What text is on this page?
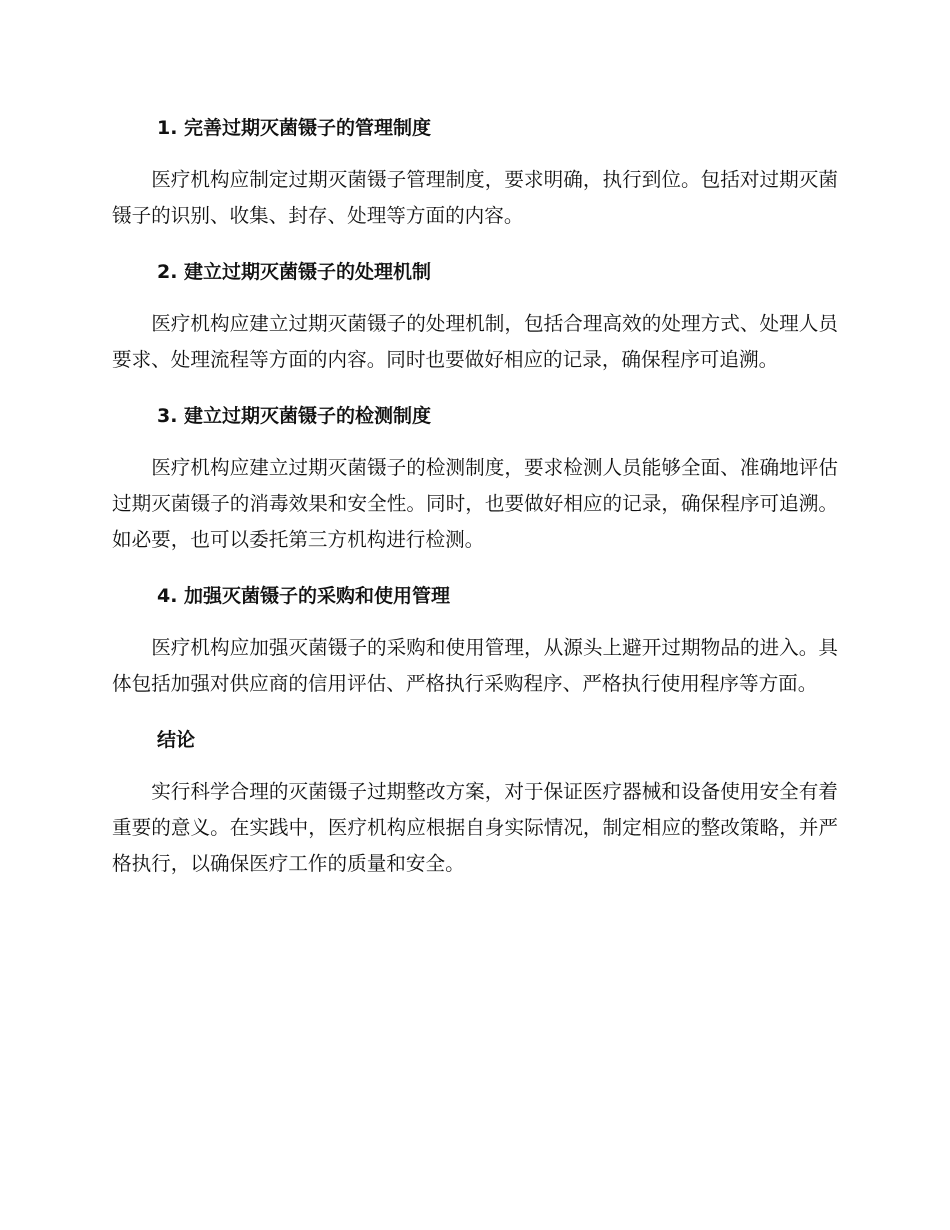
1. 完善过期灭菌镊子的管理制度

医疗机构应制定过期灭菌镊子管理制度，要求明确，执行到位。包括对过期灭菌镊子的识别、收集、封存、处理等方面的内容。

2. 建立过期灭菌镊子的处理机制

医疗机构应建立过期灭菌镊子的处理机制，包括合理高效的处理方式、处理人员要求、处理流程等方面的内容。同时也要做好相应的记录，确保程序可追溯。

3. 建立过期灭菌镊子的检测制度

医疗机构应建立过期灭菌镊子的检测制度，要求检测人员能够全面、准确地评估过期灭菌镊子的消毒效果和安全性。同时，也要做好相应的记录，确保程序可追溯。如必要，也可以委托第三方机构进行检测。

4. 加强灭菌镊子的采购和使用管理

医疗机构应加强灭菌镊子的采购和使用管理，从源头上避开过期物品的进入。具体包括加强对供应商的信用评估、严格执行采购程序、严格执行使用程序等方面。

结论

实行科学合理的灭菌镊子过期整改方案，对于保证医疗器械和设备使用安全有着重要的意义。在实践中，医疗机构应根据自身实际情况，制定相应的整改策略，并严格执行，以确保医疗工作的质量和安全。
